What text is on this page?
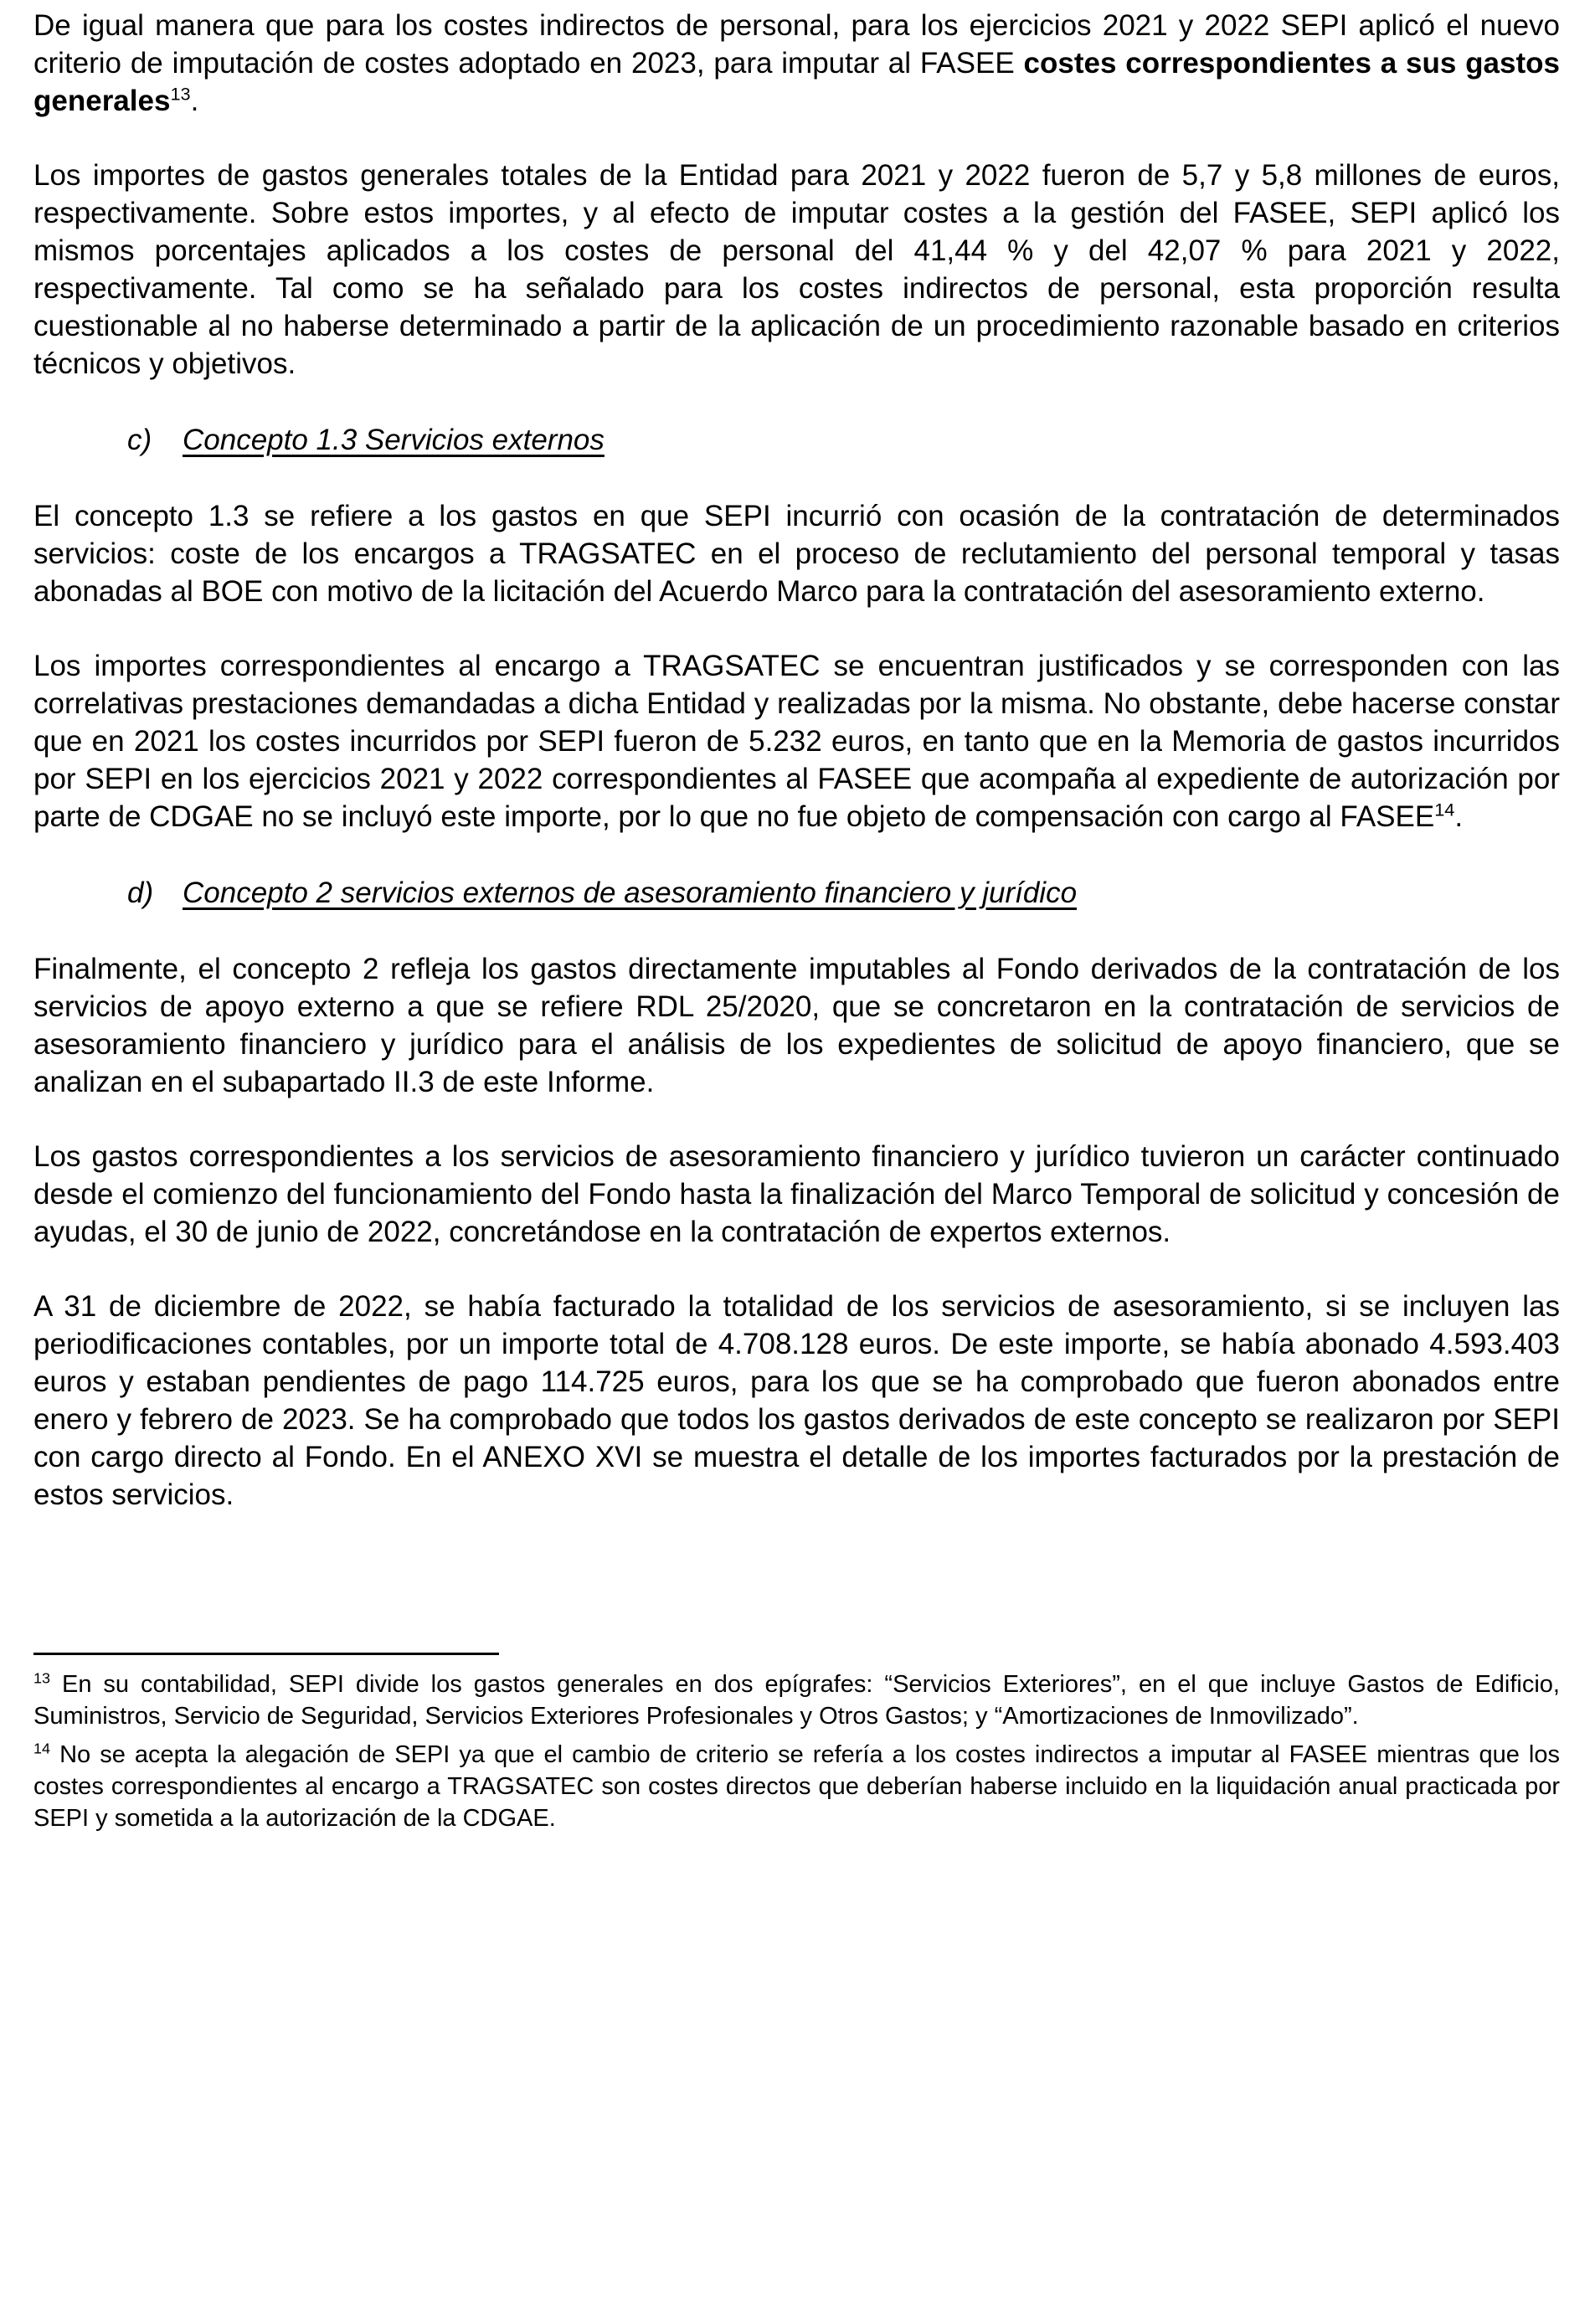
De igual manera que para los costes indirectos de personal, para los ejercicios 2021 y 2022 SEPI aplicó el nuevo criterio de imputación de costes adoptado en 2023, para imputar al FASEE costes correspondientes a sus gastos generales$^{13}$.

Los importes de gastos generales totales de la Entidad para 2021 y 2022 fueron de 5,7 y 5,8 millones de euros, respectivamente. Sobre estos importes, y al efecto de imputar costes a la gestión del FASEE, SEPI aplicó los mismos porcentajes aplicados a los costes de personal del 41,44 % y del 42,07 % para 2021 y 2022, respectivamente. Tal como se ha señalado para los costes indirectos de personal, esta proporción resulta cuestionable al no haberse determinado a partir de la aplicación de un procedimiento razonable basado en criterios técnicos y objetivos.

c) Concepto 1.3 Servicios externos

El concepto 1.3 se refiere a los gastos en que SEPI incurrió con ocasión de la contratación de determinados servicios: coste de los encargos a TRAGSATEC en el proceso de reclutamiento del personal temporal y tasas abonadas al BOE con motivo de la licitación del Acuerdo Marco para la contratación del asesoramiento externo.

Los importes correspondientes al encargo a TRAGSATEC se encuentran justificados y se corresponden con las correlativas prestaciones demandadas a dicha Entidad y realizadas por la misma. No obstante, debe hacerse constar que en 2021 los costes incurridos por SEPI fueron de 5.232 euros, en tanto que en la Memoria de gastos incurridos por SEPI en los ejercicios 2021 y 2022 correspondientes al FASEE que acompaña al expediente de autorización por parte de CDGAE no se incluyó este importe, por lo que no fue objeto de compensación con cargo al FASEE$^{14}$.

d) Concepto 2 servicios externos de asesoramiento financiero y jurídico

Finalmente, el concepto 2 refleja los gastos directamente imputables al Fondo derivados de la contratación de los servicios de apoyo externo a que se refiere RDL 25/2020, que se concretaron en la contratación de servicios de asesoramiento financiero y jurídico para el análisis de los expedientes de solicitud de apoyo financiero, que se analizan en el subapartado II.3 de este Informe.

Los gastos correspondientes a los servicios de asesoramiento financiero y jurídico tuvieron un carácter continuado desde el comienzo del funcionamiento del Fondo hasta la finalización del Marco Temporal de solicitud y concesión de ayudas, el 30 de junio de 2022, concretándose en la contratación de expertos externos.

A 31 de diciembre de 2022, se había facturado la totalidad de los servicios de asesoramiento, si se incluyen las periodificaciones contables, por un importe total de 4.708.128 euros. De este importe, se había abonado 4.593.403 euros y estaban pendientes de pago 114.725 euros, para los que se ha comprobado que fueron abonados entre enero y febrero de 2023. Se ha comprobado que todos los gastos derivados de este concepto se realizaron por SEPI con cargo directo al Fondo. En el ANEXO XVI se muestra el detalle de los importes facturados por la prestación de estos servicios.

$^{13}$ En su contabilidad, SEPI divide los gastos generales en dos epígrafes: “Servicios Exteriores”, en el que incluye Gastos de Edificio, Suministros, Servicio de Seguridad, Servicios Exteriores Profesionales y Otros Gastos; y “Amortizaciones de Inmovilizado”.

$^{14}$ No se acepta la alegación de SEPI ya que el cambio de criterio se refería a los costes indirectos a imputar al FASEE mientras que los costes correspondientes al encargo a TRAGSATEC son costes directos que deberían haberse incluido en la liquidación anual practicada por SEPI y sometida a la autorización de la CDGAE.
